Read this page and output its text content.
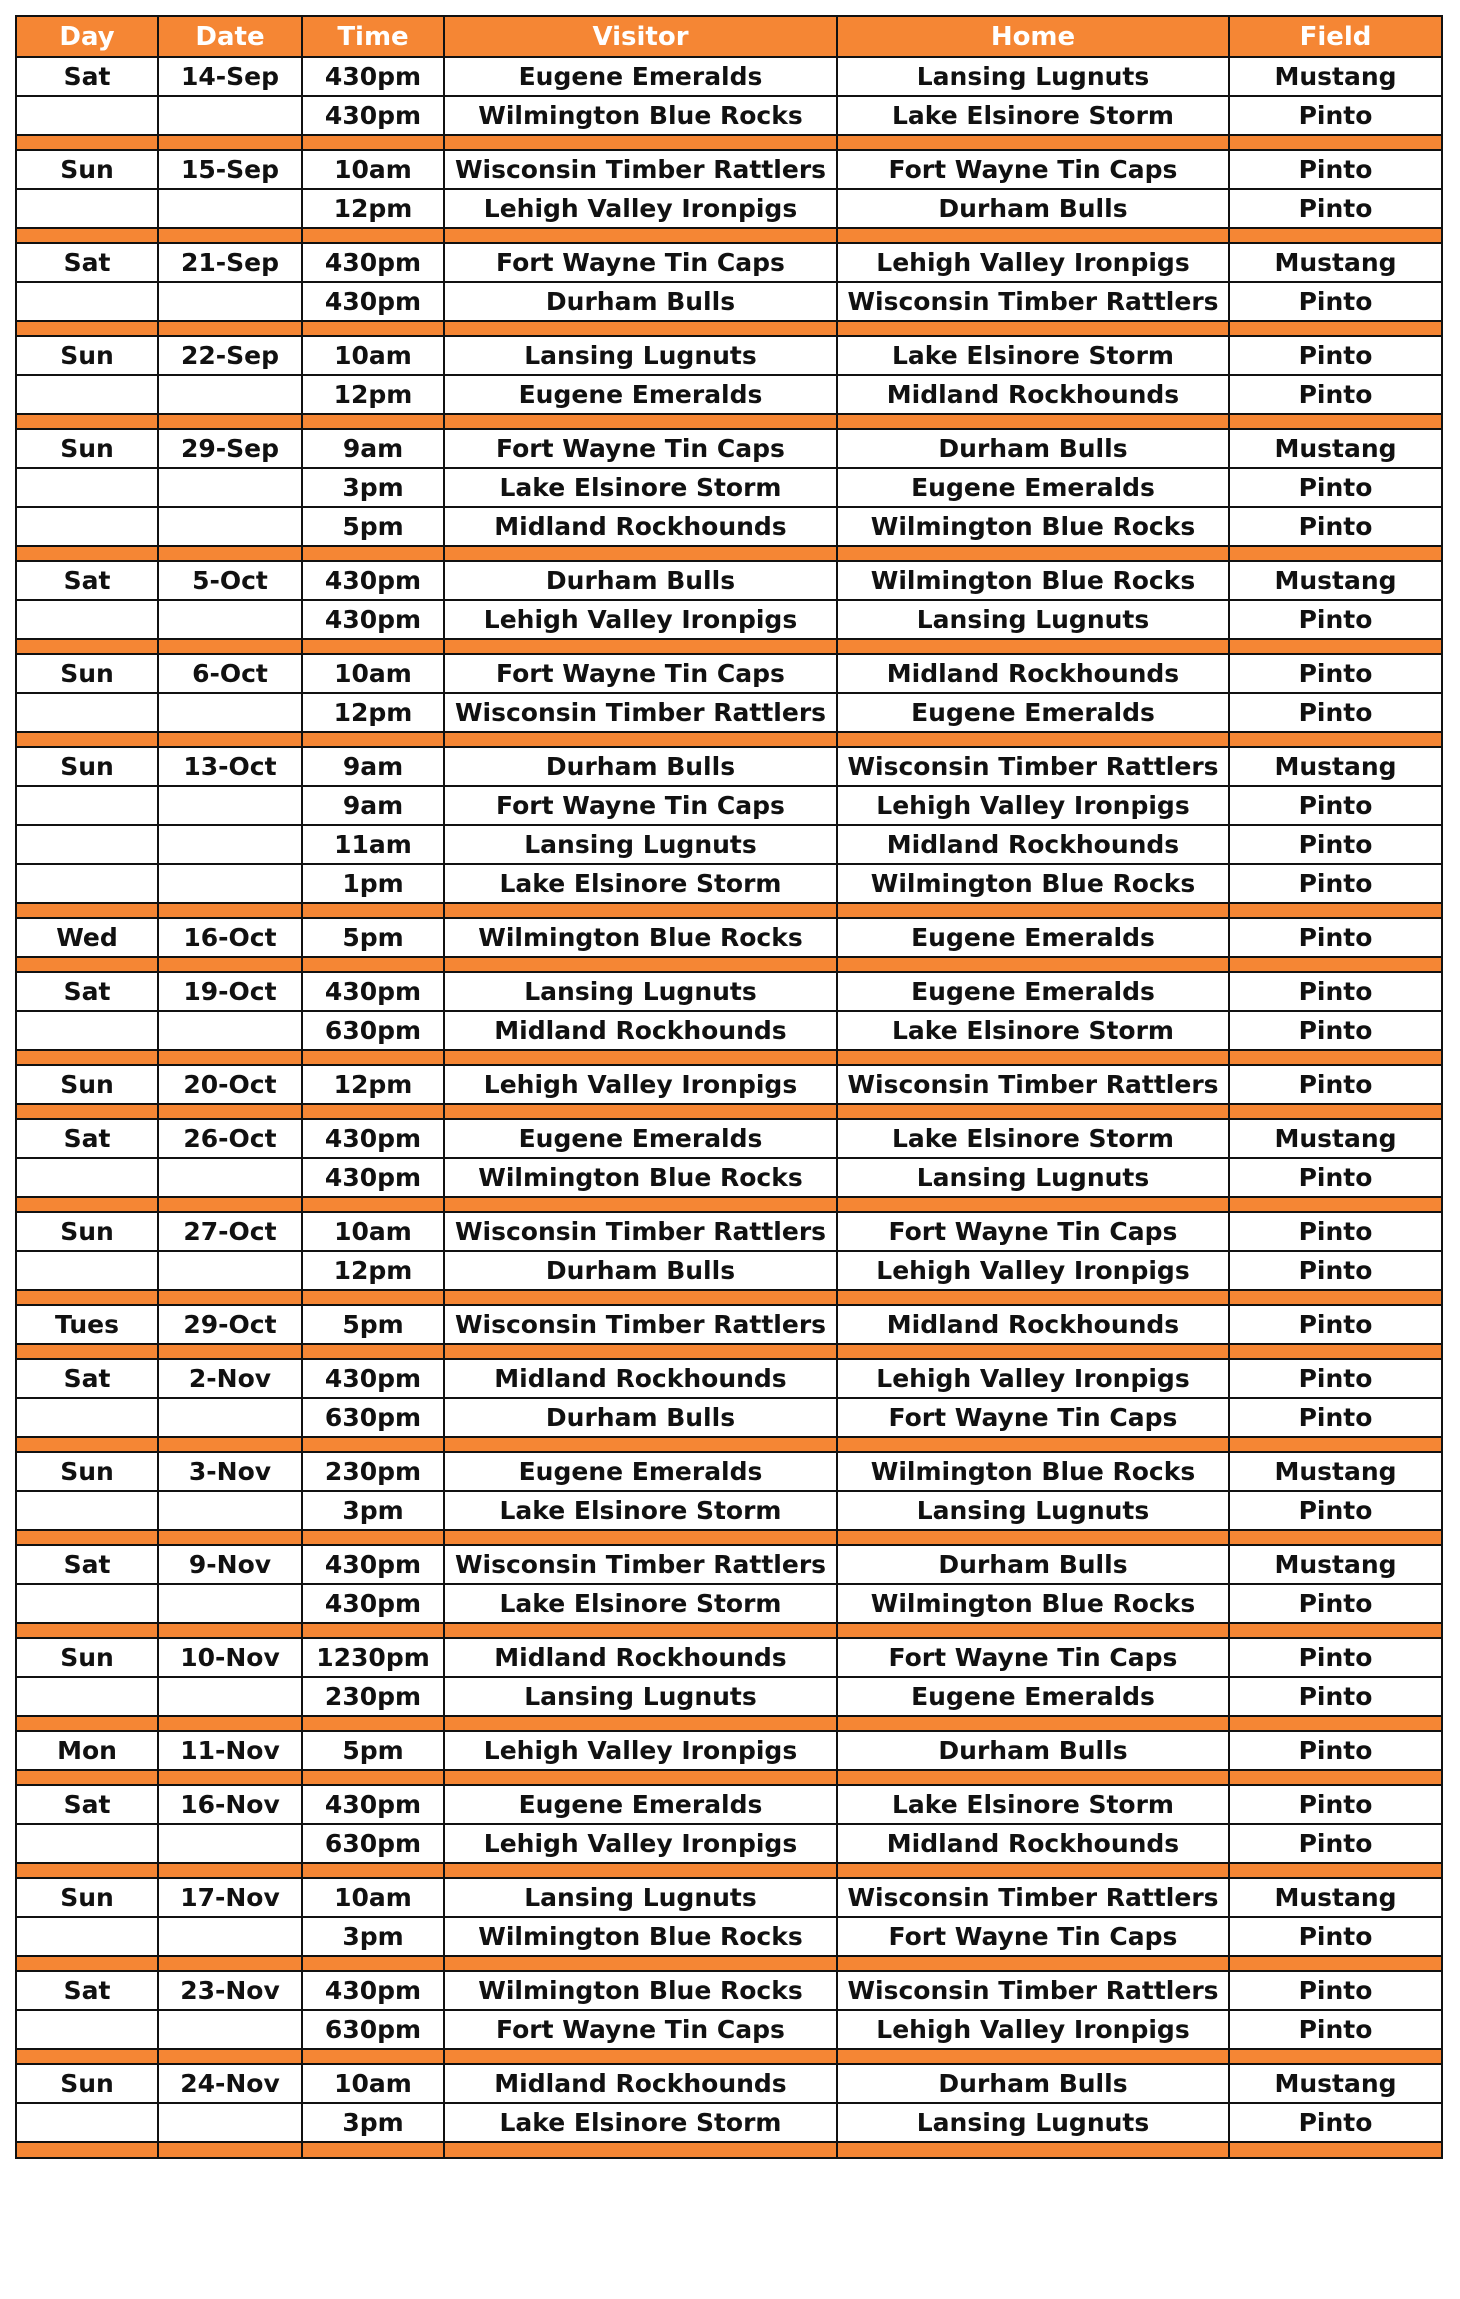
Day	Date	Time	Visitor	Home	Field
Sat	14-Sep	430pm	Eugene Emeralds	Lansing Lugnuts	Mustang
		430pm	Wilmington Blue Rocks	Lake Elsinore Storm	Pinto

Sun	15-Sep	10am	Wisconsin Timber Rattlers	Fort Wayne Tin Caps	Pinto
		12pm	Lehigh Valley Ironpigs	Durham Bulls	Pinto

Sat	21-Sep	430pm	Fort Wayne Tin Caps	Lehigh Valley Ironpigs	Mustang
		430pm	Durham Bulls	Wisconsin Timber Rattlers	Pinto

Sun	22-Sep	10am	Lansing Lugnuts	Lake Elsinore Storm	Pinto
		12pm	Eugene Emeralds	Midland Rockhounds	Pinto

Sun	29-Sep	9am	Fort Wayne Tin Caps	Durham Bulls	Mustang
		3pm	Lake Elsinore Storm	Eugene Emeralds	Pinto
		5pm	Midland Rockhounds	Wilmington Blue Rocks	Pinto

Sat	5-Oct	430pm	Durham Bulls	Wilmington Blue Rocks	Mustang
		430pm	Lehigh Valley Ironpigs	Lansing Lugnuts	Pinto

Sun	6-Oct	10am	Fort Wayne Tin Caps	Midland Rockhounds	Pinto
		12pm	Wisconsin Timber Rattlers	Eugene Emeralds	Pinto

Sun	13-Oct	9am	Durham Bulls	Wisconsin Timber Rattlers	Mustang
		9am	Fort Wayne Tin Caps	Lehigh Valley Ironpigs	Pinto
		11am	Lansing Lugnuts	Midland Rockhounds	Pinto
		1pm	Lake Elsinore Storm	Wilmington Blue Rocks	Pinto

Wed	16-Oct	5pm	Wilmington Blue Rocks	Eugene Emeralds	Pinto

Sat	19-Oct	430pm	Lansing Lugnuts	Eugene Emeralds	Pinto
		630pm	Midland Rockhounds	Lake Elsinore Storm	Pinto

Sun	20-Oct	12pm	Lehigh Valley Ironpigs	Wisconsin Timber Rattlers	Pinto

Sat	26-Oct	430pm	Eugene Emeralds	Lake Elsinore Storm	Mustang
		430pm	Wilmington Blue Rocks	Lansing Lugnuts	Pinto

Sun	27-Oct	10am	Wisconsin Timber Rattlers	Fort Wayne Tin Caps	Pinto
		12pm	Durham Bulls	Lehigh Valley Ironpigs	Pinto

Tues	29-Oct	5pm	Wisconsin Timber Rattlers	Midland Rockhounds	Pinto

Sat	2-Nov	430pm	Midland Rockhounds	Lehigh Valley Ironpigs	Pinto
		630pm	Durham Bulls	Fort Wayne Tin Caps	Pinto

Sun	3-Nov	230pm	Eugene Emeralds	Wilmington Blue Rocks	Mustang
		3pm	Lake Elsinore Storm	Lansing Lugnuts	Pinto

Sat	9-Nov	430pm	Wisconsin Timber Rattlers	Durham Bulls	Mustang
		430pm	Lake Elsinore Storm	Wilmington Blue Rocks	Pinto

Sun	10-Nov	1230pm	Midland Rockhounds	Fort Wayne Tin Caps	Pinto
		230pm	Lansing Lugnuts	Eugene Emeralds	Pinto

Mon	11-Nov	5pm	Lehigh Valley Ironpigs	Durham Bulls	Pinto

Sat	16-Nov	430pm	Eugene Emeralds	Lake Elsinore Storm	Pinto
		630pm	Lehigh Valley Ironpigs	Midland Rockhounds	Pinto

Sun	17-Nov	10am	Lansing Lugnuts	Wisconsin Timber Rattlers	Mustang
		3pm	Wilmington Blue Rocks	Fort Wayne Tin Caps	Pinto

Sat	23-Nov	430pm	Wilmington Blue Rocks	Wisconsin Timber Rattlers	Pinto
		630pm	Fort Wayne Tin Caps	Lehigh Valley Ironpigs	Pinto

Sun	24-Nov	10am	Midland Rockhounds	Durham Bulls	Mustang
		3pm	Lake Elsinore Storm	Lansing Lugnuts	Pinto
